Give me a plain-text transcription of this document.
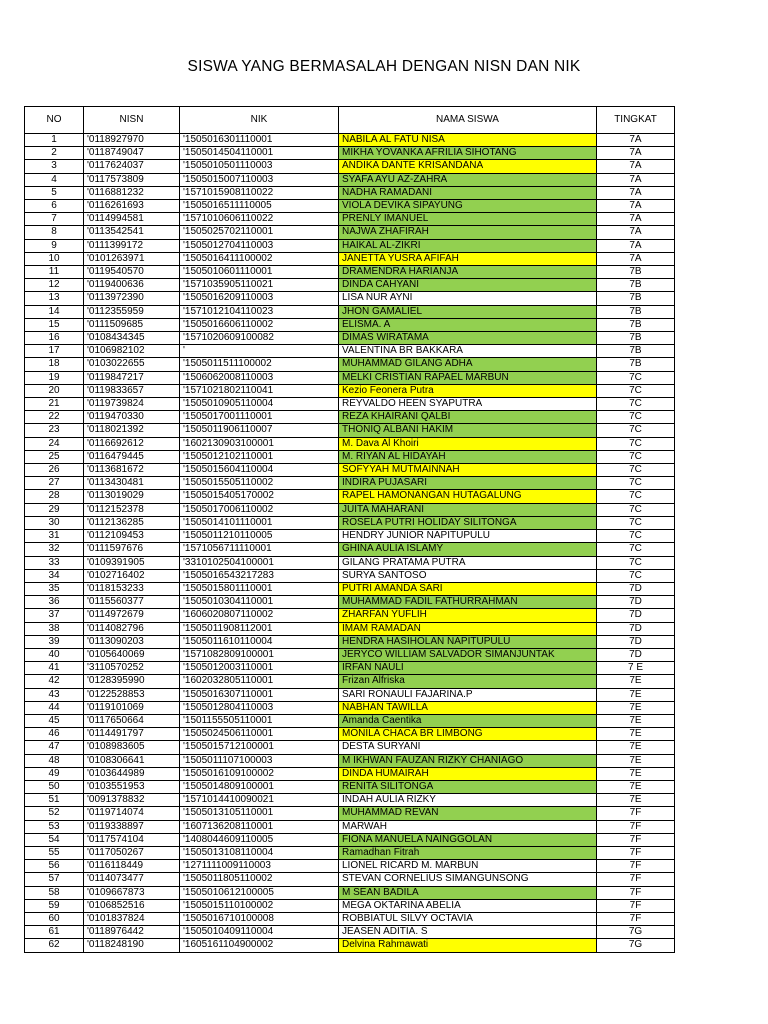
SISWA YANG BERMASALAH DENGAN NISN DAN NIK
NO	NISN	NIK	NAMA SISWA	TINGKAT
1	'0118927970	'1505016301110001	NABILA AL FATU NISA	7A
2	'0118749047	'1505014504110001	MIKHA YOVANKA AFRILIA SIHOTANG	7A
3	'0117624037	'1505010501110003	ANDIKA DANTE KRISANDANA	7A
4	'0117573809	'1505015007110003	SYAFA AYU AZ-ZAHRA	7A
5	'0116881232	'1571015908110022	NADHA RAMADANI	7A
6	'0116261693	'1505016511110005	VIOLA DEVIKA SIPAYUNG	7A
7	'0114994581	'1571010606110022	PRENLY IMANUEL	7A
8	'0113542541	'1505025702110001	NAJWA ZHAFIRAH	7A
9	'0111399172	'1505012704110003	HAIKAL AL-ZIKRI	7A
10	'0101263971	'1505016411100002	JANETTA YUSRA AFIFAH	7A
11	'0119540570	'1505010601110001	DRAMENDRA HARIANJA	7B
12	'0119400636	'1571035905110021	DINDA CAHYANI	7B
13	'0113972390	'1505016209110003	LISA NUR AYNI	7B
14	'0112355959	'1571012104110023	JHON GAMALIEL	7B
15	'0111509685	'1505016606110002	ELISMA. A	7B
16	'0108434345	'1571020609100082	DIMAS WIRATAMA	7B
17	'0106982102	'	VALENTINA BR BAKKARA	7B
18	'0103022655	'1505011511100002	MUHAMMAD GILANG ADHA	7B
19	'0119847217	'1506062008110003	MELKI CRISTIAN RAPAEL MARBUN	7C
20	'0119833657	'1571021802110041	Kezio Feonera Putra	7C
21	'0119739824	'1505010905110004	REYVALDO HEEN SYAPUTRA	7C
22	'0119470330	'1505017001110001	REZA KHAIRANI QALBI	7C
23	'0118021392	'1505011906110007	THONIQ ALBANI HAKIM	7C
24	'0116692612	'1602130903100001	M. Dava Al Khoiri	7C
25	'0116479445	'1505012102110001	M. RIYAN AL HIDAYAH	7C
26	'0113681672	'1505015604110004	SOFYYAH MUTMAINNAH	7C
27	'0113430481	'1505015505110002	INDIRA PUJASARI	7C
28	'0113019029	'1505015405170002	RAPEL HAMONANGAN HUTAGALUNG	7C
29	'0112152378	'1505017006110002	JUITA MAHARANI	7C
30	'0112136285	'1505014101110001	ROSELA PUTRI HOLIDAY SILITONGA	7C
31	'0112109453	'1505011210110005	HENDRY JUNIOR NAPITUPULU	7C
32	'0111597676	'1571056711110001	GHINA AULIA ISLAMY	7C
33	'0109391905	'3310102504100001	GILANG PRATAMA PUTRA	7C
34	'0102716402	'1505016543217283	SURYA SANTOSO	7C
35	'0118153233	'1505015801110001	PUTRI AMANDA SARI	7D
36	'0115560377	'1505010304110001	MUHAMMAD FADIL FATHURRAHMAN	7D
37	'0114972679	'1606020807110002	ZHARFAN YUFLIH	7D
38	'0114082796	'1505011908112001	IMAM RAMADAN	7D
39	'0113090203	'1505011610110004	HENDRA HASIHOLAN NAPITUPULU	7D
40	'0105640069	'1571082809100001	JERYCO WILLIAM SALVADOR SIMANJUNTAK	7D
41	'3110570252	'1505012003110001	IRFAN NAULI	7 E
42	'0128395990	'1602032805110001	Frizan Alfriska	7E
43	'0122528853	'1505016307110001	SARI RONAULI FAJARINA.P	7E
44	'0119101069	'1505012804110003	NABHAN TAWILLA	7E
45	'0117650664	'1501155505110001	Amanda Caentika	7E
46	'0114491797	'1505024506110001	MONILA CHACA BR LIMBONG	7E
47	'0108983605	'1505015712100001	DESTA SURYANI	7E
48	'0108306641	'1505011107100003	M IKHWAN FAUZAN RIZKY CHANIAGO	7E
49	'0103644989	'1505016109100002	DINDA HUMAIRAH	7E
50	'0103551953	'1505014809100001	RENITA SILITONGA	7E
51	'0091378832	'1571014410090021	INDAH AULIA RIZKY	7E
52	'0119714074	'1505013105110001	MUHAMMAD REVAN	7F
53	'0119338897	'1607136208110001	MARWAH	7F
54	'0117574104	'1408044609110005	FIONA MANUELA NAINGGOLAN	7F
55	'0117050267	'1505013108110004	Ramadhan Fitrah	7F
56	'0116118449	'1271111009110003	LIONEL RICARD M. MARBUN	7F
57	'0114073477	'1505011805110002	STEVAN CORNELIUS SIMANGUNSONG	7F
58	'0109667873	'1505010612100005	M SEAN BADILA	7F
59	'0106852516	'1505015110100002	MEGA OKTARINA ABELIA	7F
60	'0101837824	'1505016710100008	ROBBIATUL SILVY OCTAVIA	7F
61	'0118976442	'1505010409110004	JEASEN ADITIA. S	7G
62	'0118248190	'1605161104900002	Delvina Rahmawati	7G
